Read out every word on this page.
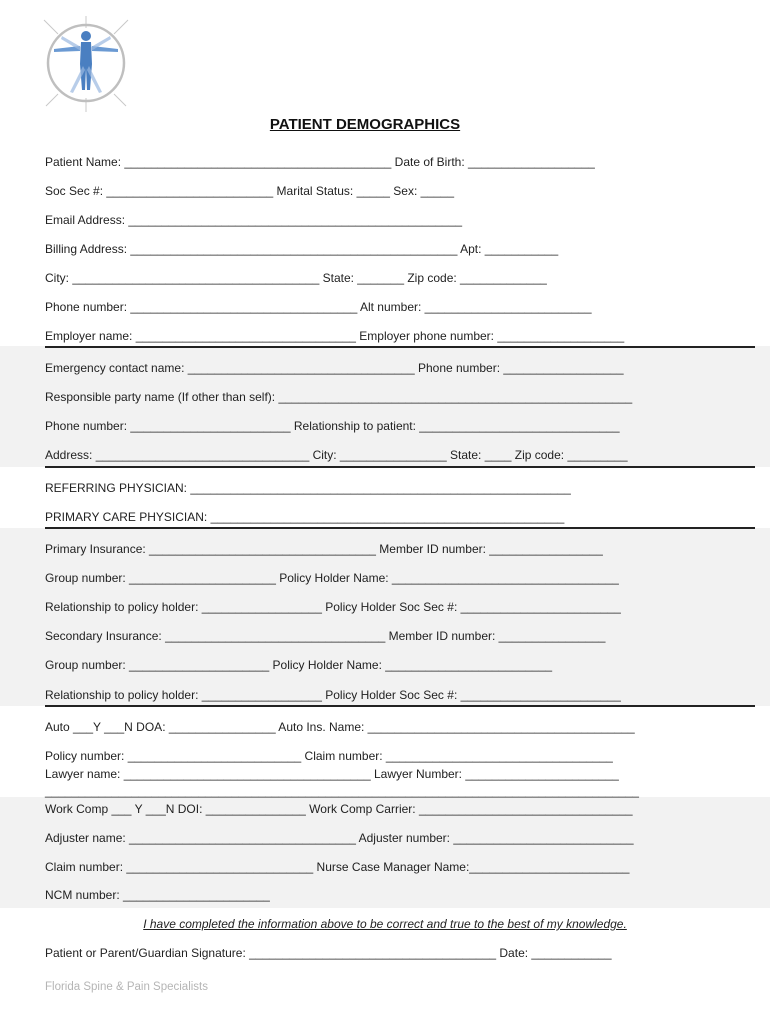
PATIENT DEMOGRAPHICS
Patient Name: ________________________________________ Date of Birth: ___________________
Soc Sec #: _________________________ Marital Status: _____ Sex: _____
Email Address: __________________________________________________
Billing Address: _________________________________________________ Apt: ___________
City: _____________________________________ State: _______ Zip code: _____________
Phone number: __________________________________ Alt number: _________________________
Employer name: _________________________________ Employer phone number: ___________________
Emergency contact name: __________________________________ Phone number: __________________
Responsible party name (If other than self): _____________________________________________________
Phone number: ________________________ Relationship to patient: ______________________________
Address: ________________________________ City: ________________ State: ____ Zip code: _________
REFERRING PHYSICIAN: _________________________________________________________
PRIMARY CARE PHYSICIAN: _____________________________________________________
Primary Insurance: __________________________________ Member ID number: _________________
Group number: ______________________ Policy Holder Name: __________________________________
Relationship to policy holder: __________________ Policy Holder Soc Sec #: ________________________
Secondary Insurance: _________________________________ Member ID number: ________________
Group number: _____________________ Policy Holder Name: _________________________
Relationship to policy holder: __________________ Policy Holder Soc Sec #: ________________________
Auto ___Y ___N DOA: ________________ Auto Ins. Name: ________________________________________
Policy number: __________________________ Claim number: __________________________________
Lawyer name: _____________________________________ Lawyer Number: _______________________
_________________________________________________________________________________________
Work Comp ___ Y ___N DOI: _______________ Work Comp Carrier: ________________________________
Adjuster name: __________________________________ Adjuster number: ___________________________
Claim number: ____________________________ Nurse Case Manager Name:________________________
NCM number: ______________________
I have completed the information above to be correct and true to the best of my knowledge.
Patient or Parent/Guardian Signature: _____________________________________ Date: ____________
Florida Spine & Pain Specialists
